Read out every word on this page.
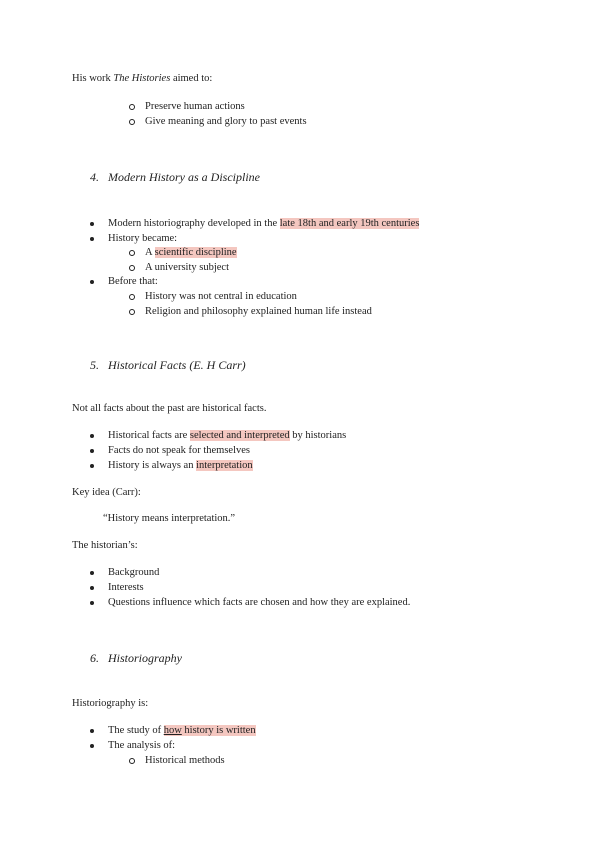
His work The Histories aimed to:
Preserve human actions
Give meaning and glory to past events
4. Modern History as a Discipline
Modern historiography developed in the late 18th and early 19th centuries
History became:
A scientific discipline
A university subject
Before that:
History was not central in education
Religion and philosophy explained human life instead
5. Historical Facts (E. H Carr)
Not all facts about the past are historical facts.
Historical facts are selected and interpreted by historians
Facts do not speak for themselves
History is always an interpretation
Key idea (Carr):
“History means interpretation.”
The historian’s:
Background
Interests
Questions influence which facts are chosen and how they are explained.
6. Historiography
Historiography is:
The study of how history is written
The analysis of:
Historical methods
